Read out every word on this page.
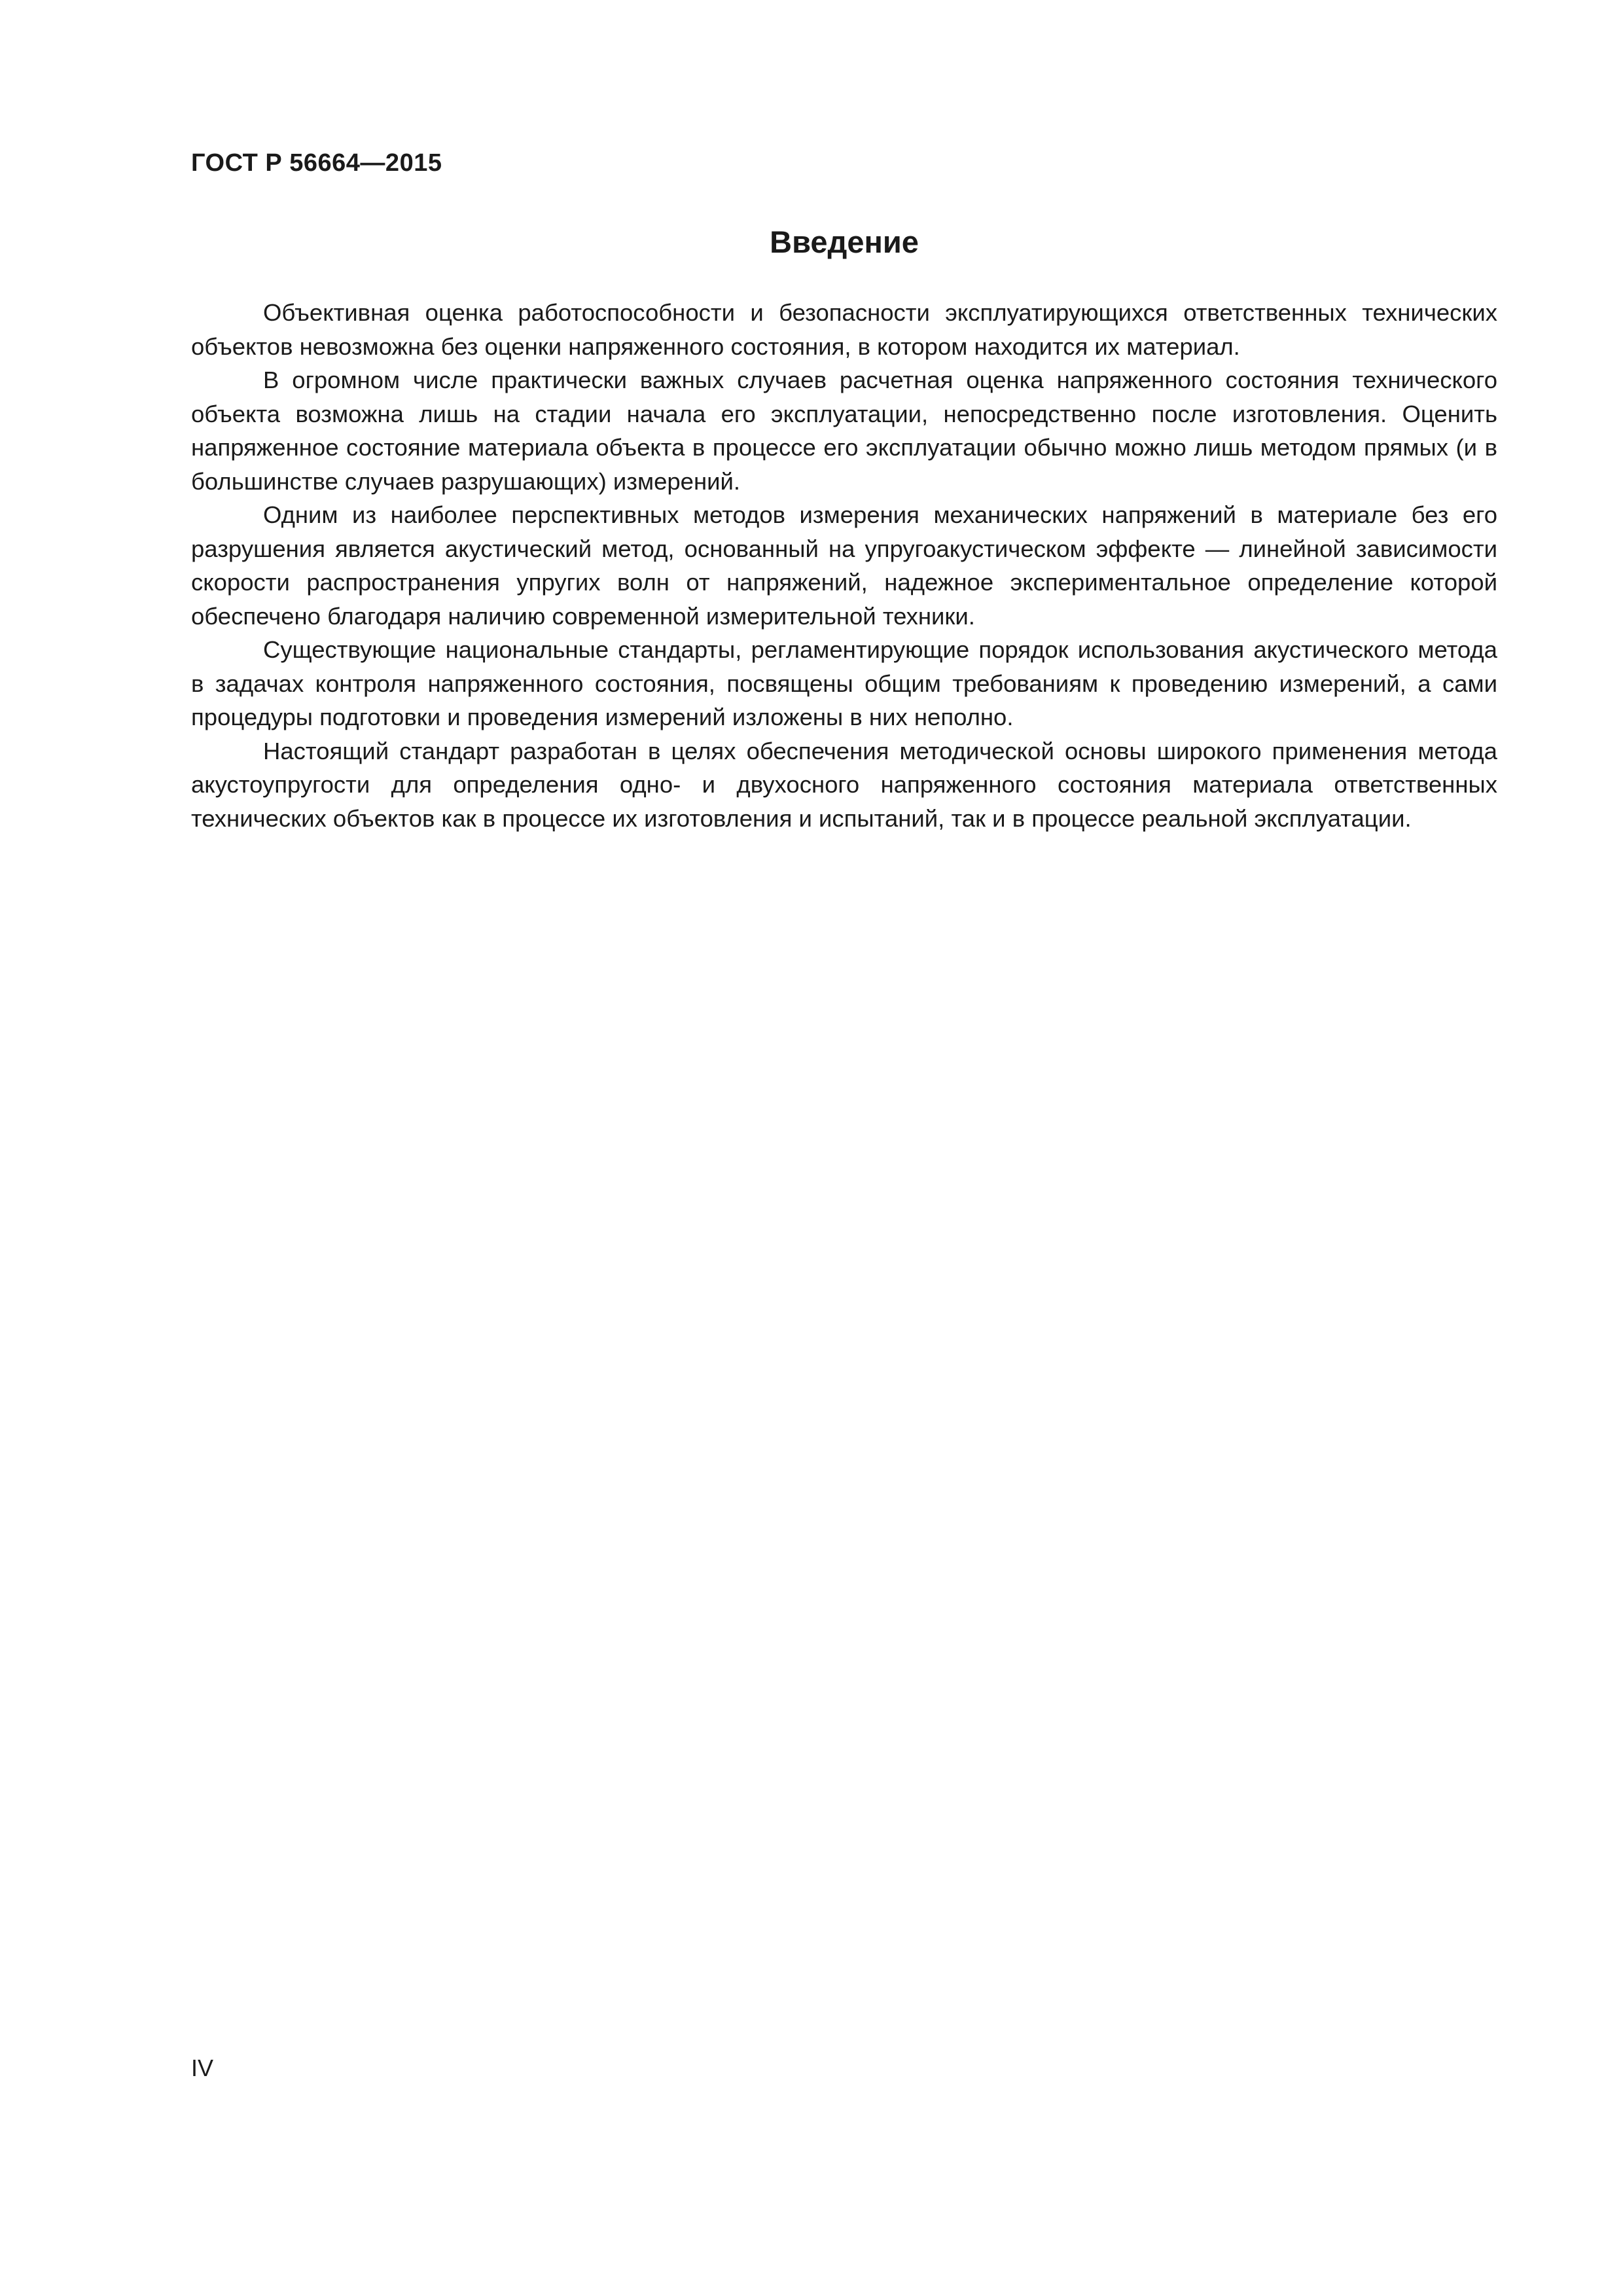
ГОСТ Р 56664—2015
Введение

Объективная оценка работоспособности и безопасности эксплуатирующихся ответственных технических объектов невозможна без оценки напряженного состояния, в котором находится их материал.

В огромном числе практически важных случаев расчетная оценка напряженного состояния технического объекта возможна лишь на стадии начала его эксплуатации, непосредственно после изготовления. Оценить напряженное состояние материала объекта в процессе его эксплуатации обычно можно лишь методом прямых (и в большинстве случаев разрушающих) измерений.

Одним из наиболее перспективных методов измерения механических напряжений в материале без его разрушения является акустический метод, основанный на упругоакустическом эффекте — линейной зависимости скорости распространения упругих волн от напряжений, надежное экспериментальное определение которой обеспечено благодаря наличию современной измерительной техники.

Существующие национальные стандарты, регламентирующие порядок использования акустического метода в задачах контроля напряженного состояния, посвящены общим требованиям к проведению измерений, а сами процедуры подготовки и проведения измерений изложены в них неполно.

Настоящий стандарт разработан в целях обеспечения методической основы широкого применения метода акустоупругости для определения одно- и двухосного напряженного состояния материала ответственных технических объектов как в процессе их изготовления и испытаний, так и в процессе реальной эксплуатации.

IV
